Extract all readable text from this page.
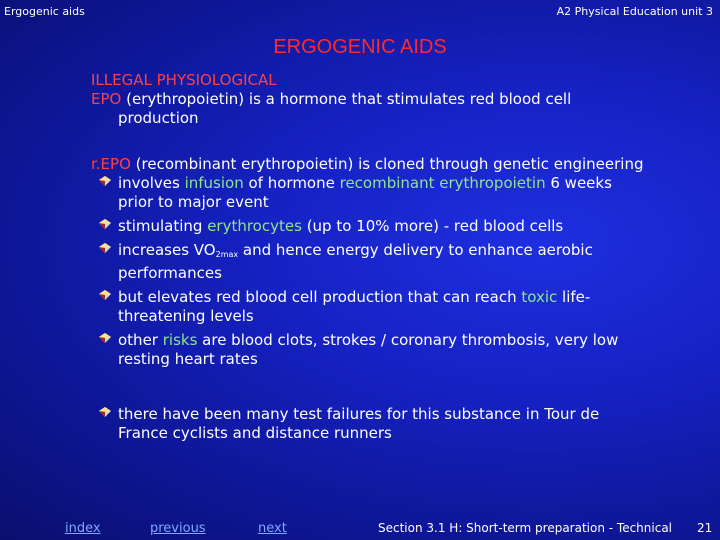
Ergogenic aids	A2 Physical Education unit 3
ERGOGENIC AIDS

ILLEGAL PHYSIOLOGICAL

EPO (erythropoietin) is a hormone that stimulates red blood cell production

r.EPO (recombinant erythropoietin) is cloned through genetic engineering

involves infusion of hormone recombinant erythropoietin 6 weeks prior to major event
stimulating erythrocytes (up to 10% more) - red blood cells
increases $VO_{2max}$ and hence energy delivery to enhance aerobic performances
but elevates red blood cell production that can reach toxic life-threatening levels
other risks are blood clots, strokes / coronary thrombosis, very low resting heart rates
there have been many test failures for this substance in Tour de France cyclists and distance runners
index	previous	next	Section 3.1 H: Short-term preparation - Technical 21
